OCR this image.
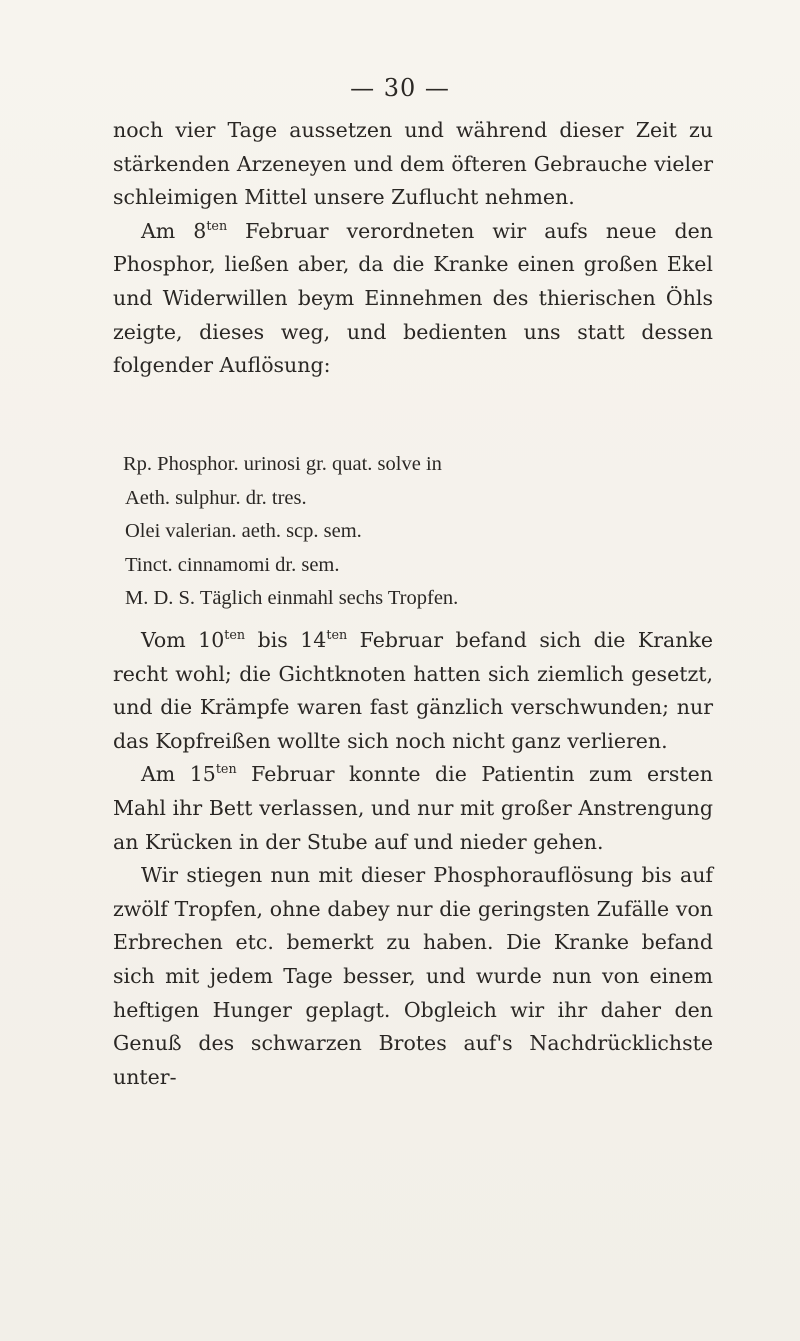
— 30 —

noch vier Tage aussetzen und während dieser Zeit zu stärkenden Arzeneyen und dem öfteren Gebrauche vieler schleimigen Mittel unsere Zuflucht nehmen.

Am $8^{ten}$ Februar verordneten wir aufs neue den Phosphor, ließen aber, da die Kranke einen großen Ekel und Widerwillen beym Einnehmen des thierischen Öhls zeigte, dieses weg, und bedienten uns statt dessen folgender Auflösung:

Rp. Phosphor. urinosi gr. quat. solve in
Aeth. sulphur. dr. tres.
Olei valerian. aeth. scp. sem.
Tinct. cinnamomi dr. sem.
M. D. S. Täglich einmahl sechs Tropfen.

Vom $10^{ten}$ bis $14^{ten}$ Februar befand sich die Kranke recht wohl; die Gichtknoten hatten sich ziemlich gesetzt, und die Krämpfe waren fast gänzlich verschwunden; nur das Kopfreißen wollte sich noch nicht ganz verlieren.

Am $15^{ten}$ Februar konnte die Patientin zum ersten Mahl ihr Bett verlassen, und nur mit großer Anstrengung an Krücken in der Stube auf und nieder gehen.

Wir stiegen nun mit dieser Phosphorauflösung bis auf zwölf Tropfen, ohne dabey nur die geringsten Zufälle von Erbrechen etc. bemerkt zu haben. Die Kranke befand sich mit jedem Tage besser, und wurde nun von einem heftigen Hunger geplagt. Obgleich wir ihr daher den Genuß des schwarzen Brotes auf's Nachdrücklichste unter-
